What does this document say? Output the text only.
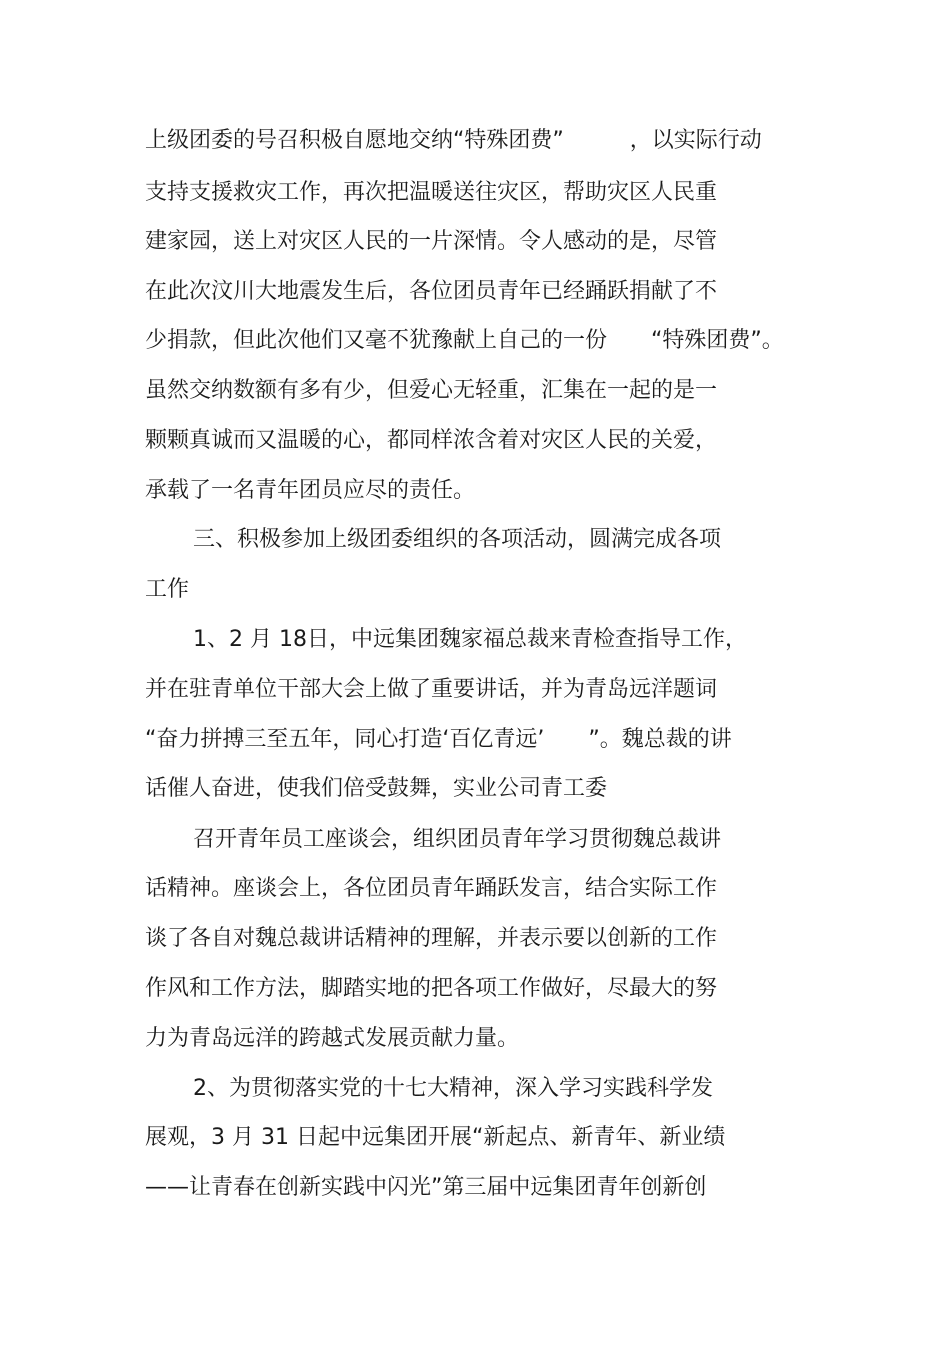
上级团委的号召积极自愿地交纳“特殊团费”　　　，以实际行动
支持支援救灾工作，再次把温暖送往灾区，帮助灾区人民重
建家园，送上对灾区人民的一片深情。令人感动的是，尽管
在此次汶川大地震发生后，各位团员青年已经踊跃捐献了不
少捐款，但此次他们又毫不犹豫献上自己的一份　　“特殊团费”。
虽然交纳数额有多有少，但爱心无轻重，汇集在一起的是一
颗颗真诚而又温暖的心，都同样浓含着对灾区人民的关爱，
承载了一名青年团员应尽的责任。
三、积极参加上级团委组织的各项活动，圆满完成各项
工作
1、2 月 18日，中远集团魏家福总裁来青检查指导工作，
并在驻青单位干部大会上做了重要讲话，并为青岛远洋题词
“奋力拼搏三至五年，同心打造‘百亿青远’　　”。魏总裁的讲
话催人奋进，使我们倍受鼓舞，实业公司青工委
召开青年员工座谈会，组织团员青年学习贯彻魏总裁讲
话精神。座谈会上，各位团员青年踊跃发言，结合实际工作
谈了各自对魏总裁讲话精神的理解，并表示要以创新的工作
作风和工作方法，脚踏实地的把各项工作做好，尽最大的努
力为青岛远洋的跨越式发展贡献力量。
2、为贯彻落实党的十七大精神，深入学习实践科学发
展观，3 月 31 日起中远集团开展“新起点、新青年、新业绩
——让青春在创新实践中闪光”第三届中远集团青年创新创
